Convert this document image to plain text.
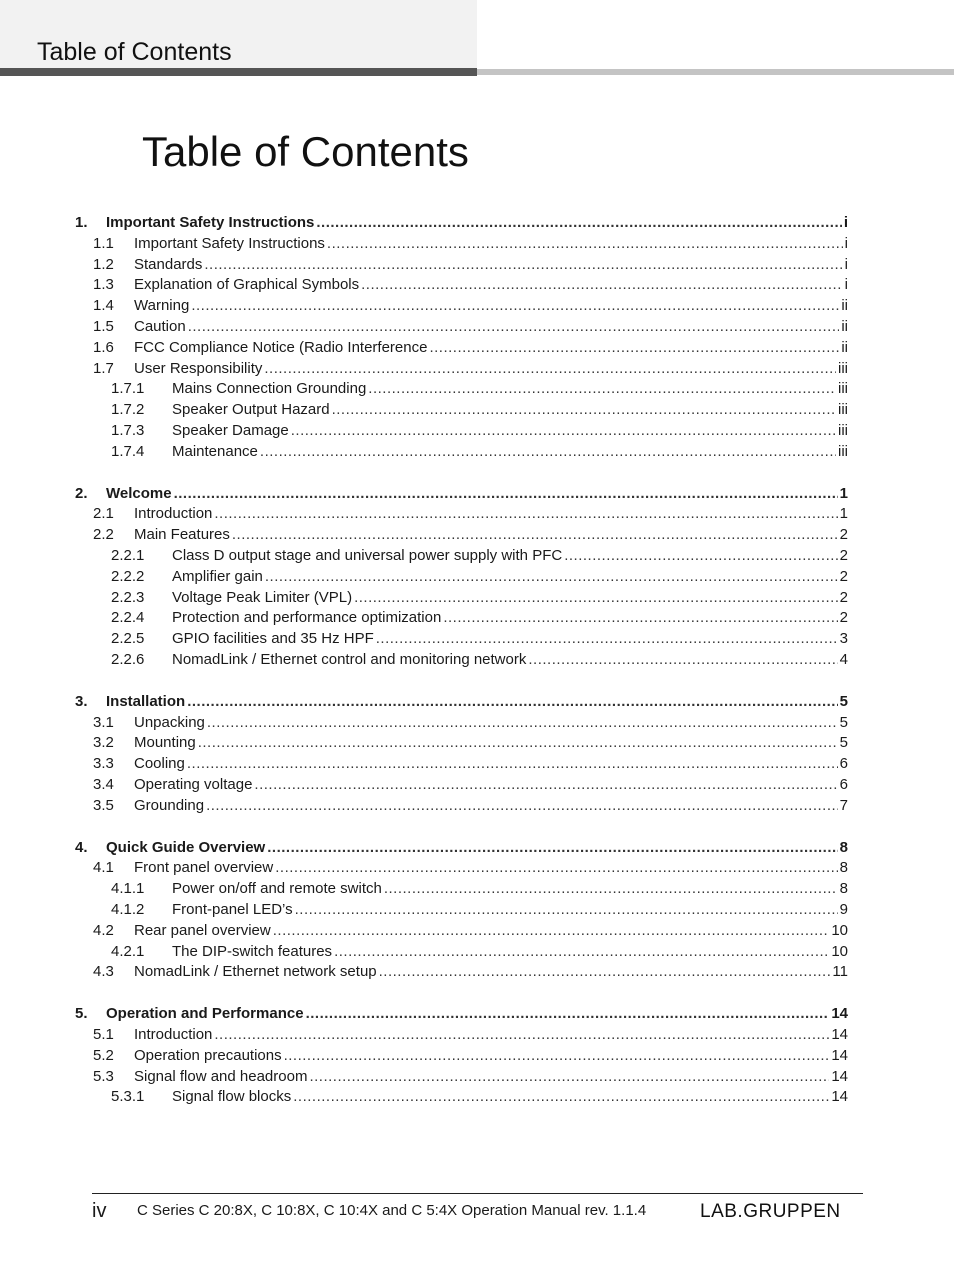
Table of Contents
Table of Contents
1. Important Safety Instructions .....	i
1.1 Important Safety Instructions .....	i
1.2 Standards .....	i
1.3 Explanation of Graphical Symbols .....	i
1.4 Warning .....	ii
1.5 Caution .....	ii
1.6 FCC Compliance Notice (Radio Interference .....	ii
1.7 User Responsibility .....	iii
1.7.1 Mains Connection Grounding .....	iii
1.7.2 Speaker Output Hazard .....	iii
1.7.3 Speaker Damage .....	iii
1.7.4 Maintenance .....	iii
2. Welcome .....	1
2.1 Introduction .....	1
2.2 Main Features .....	2
2.2.1 Class D output stage and universal power supply with PFC .....	2
2.2.2 Amplifier gain .....	2
2.2.3 Voltage Peak Limiter (VPL) .....	2
2.2.4 Protection and performance optimization .....	2
2.2.5 GPIO facilities and 35 Hz HPF .....	3
2.2.6 NomadLink / Ethernet control and monitoring network .....	4
3. Installation .....	5
3.1 Unpacking .....	5
3.2 Mounting .....	5
3.3 Cooling .....	6
3.4 Operating voltage .....	6
3.5 Grounding .....	7
4. Quick Guide Overview .....	8
4.1 Front panel overview .....	8
4.1.1 Power on/off and remote switch .....	8
4.1.2 Front-panel LED’s .....	9
4.2 Rear panel overview .....	10
4.2.1 The DIP-switch features .....	10
4.3 NomadLink / Ethernet network setup .....	11
5. Operation and Performance .....	14
5.1 Introduction .....	14
5.2 Operation precautions .....	14
5.3 Signal flow and headroom .....	14
5.3.1 Signal flow blocks .....	14
iv C Series C 20:8X, C 10:8X, C 10:4X and C 5:4X Operation Manual rev. 1.1.4	LAB.GRUPPEN
